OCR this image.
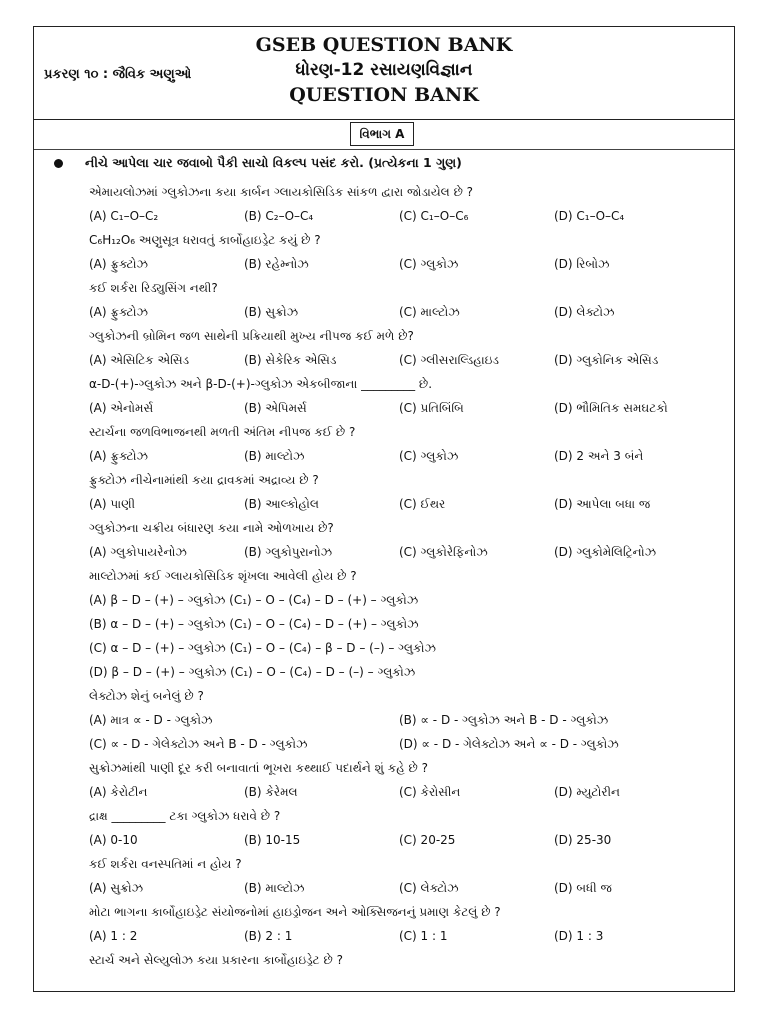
પ્રકરણ ૧૦ : જૈવિક અણુઓ
GSEB QUESTION BANK
ધોરણ-12 રસાયણવિજ્ઞાન
QUESTION BANK
વિભાગ A
નીચે આપેલા ચાર જવાબો પૈકી સાચો વિકલ્પ પસંદ કરો. (પ્રત્યેકના 1 ગુણ)
એમાયલોઝમાં ગ્લુકોઝના કયા કાર્બન ગ્લાયકોસિડિક સાંકળ દ્વારા જોડાયેલ છે ?
(A) C₁–O–C₂	(B) C₂–O–C₄	(C) C₁–O–C₆	(D) C₁–O–C₄
C₆H₁₂O₆ અણુસૂત્ર ધરાવતું કાર્બોહાઇડ્રેટ કયું છે ?
(A) ફ્રુક્ટોઝ	(B) રહેમ્નોઝ	(C) ગ્લુકોઝ	(D) રિબોઝ
કઈ શર્કરા રિડ્યુસિંગ નથી?
(A) ફ્રુક્ટોઝ	(B) સુક્રોઝ	(C) માલ્ટોઝ	(D) લેક્ટોઝ
ગ્લુકોઝની બ્રોમિન જળ સાથેની પ્રક્રિયાથી મુખ્ય નીપજ કઈ મળે છે?
(A) એસિટિક એસિડ	(B) સેકેરિક એસિડ	(C) ગ્લીસરાલ્ડિહાઇડ	(D) ગ્લુકોનિક એસિડ
α-D-(+)-ગ્લુકોઝ અને β-D-(+)-ગ્લુકોઝ એકબીજાના _________ છે.
(A) એનોમર્સ	(B) એપિમર્સ	(C) પ્રતિબિંબિ	(D) ભૌમિતિક સમઘટકો
સ્ટાર્ચના જળવિભાજનથી મળતી અંતિમ નીપજ કઈ છે ?
(A) ફ્રુક્ટોઝ	(B) માલ્ટોઝ	(C) ગ્લુકોઝ	(D) 2 અને 3 બંને
ફ્રુક્ટોઝ નીચેનામાંથી કયા દ્રાવકમાં અદ્રાવ્ય છે ?
(A) પાણી	(B) આલ્કોહોલ	(C) ઈથર	(D) આપેલા બધા જ
ગ્લુકોઝના ચક્રીય બંધારણ કયા નામે ઓળખાય છે?
(A) ગ્લુકોપાયરેનોઝ	(B) ગ્લુકોપુરાનોઝ	(C) ગ્લુકોરેફિનોઝ	(D) ગ્લુકોમેલિટ્રિનોઝ
માલ્ટોઝમાં કઈ ગ્લાયકોસિડિક શૃંખલા આવેલી હોય છે ?
(A) β – D – (+) – ગ્લુકોઝ (C₁) – O – (C₄) – D – (+) – ગ્લુકોઝ
(B) α – D – (+) – ગ્લુકોઝ (C₁) – O – (C₄) – D – (+) – ગ્લુકોઝ
(C) α – D – (+) – ગ્લુકોઝ (C₁) – O – (C₄) – β – D – (–) – ગ્લુકોઝ
(D) β – D – (+) – ગ્લુકોઝ (C₁) – O – (C₄) – D – (–) – ગ્લુકોઝ
લેક્ટોઝ શેનું બનેલું છે ?
(A) માત્ર ∝ - D - ગ્લુકોઝ	(B) ∝ - D - ગ્લુકોઝ અને B - D - ગ્લુકોઝ
(C) ∝ - D - ગેલેક્ટોઝ અને B - D - ગ્લુકોઝ	(D) ∝ - D - ગેલેક્ટોઝ અને ∝ - D - ગ્લુકોઝ
સુક્રોઝમાંથી પાણી દૂર કરી બનાવાતાં ભૂખરા કથ્થાઈ પદાર્થને શું કહે છે ?
(A) કેરોટીન	(B) કેરેમલ	(C) કેરોસીન	(D) મ્યુટોરીન
દ્રાક્ષ _________ ટકા ગ્લુકોઝ ધરાવે છે ?
(A) 0-10	(B) 10-15	(C) 20-25	(D) 25-30
કઈ શર્કરા વનસ્પતિમાં ન હોય ?
(A) સુક્રોઝ	(B) માલ્ટોઝ	(C) લેક્ટોઝ	(D) બધી જ
મોટા ભાગના કાર્બોહાઇડ્રેટ સંયોજનોમાં હાઇડ્રોજન અને ઓક્સિજનનું પ્રમાણ કેટલું છે ?
(A) 1 : 2	(B) 2 : 1	(C) 1 : 1	(D) 1 : 3
સ્ટાર્ચ અને સેલ્યુલોઝ કયા પ્રકારના કાર્બોહાઇડ્રેટ છે ?
